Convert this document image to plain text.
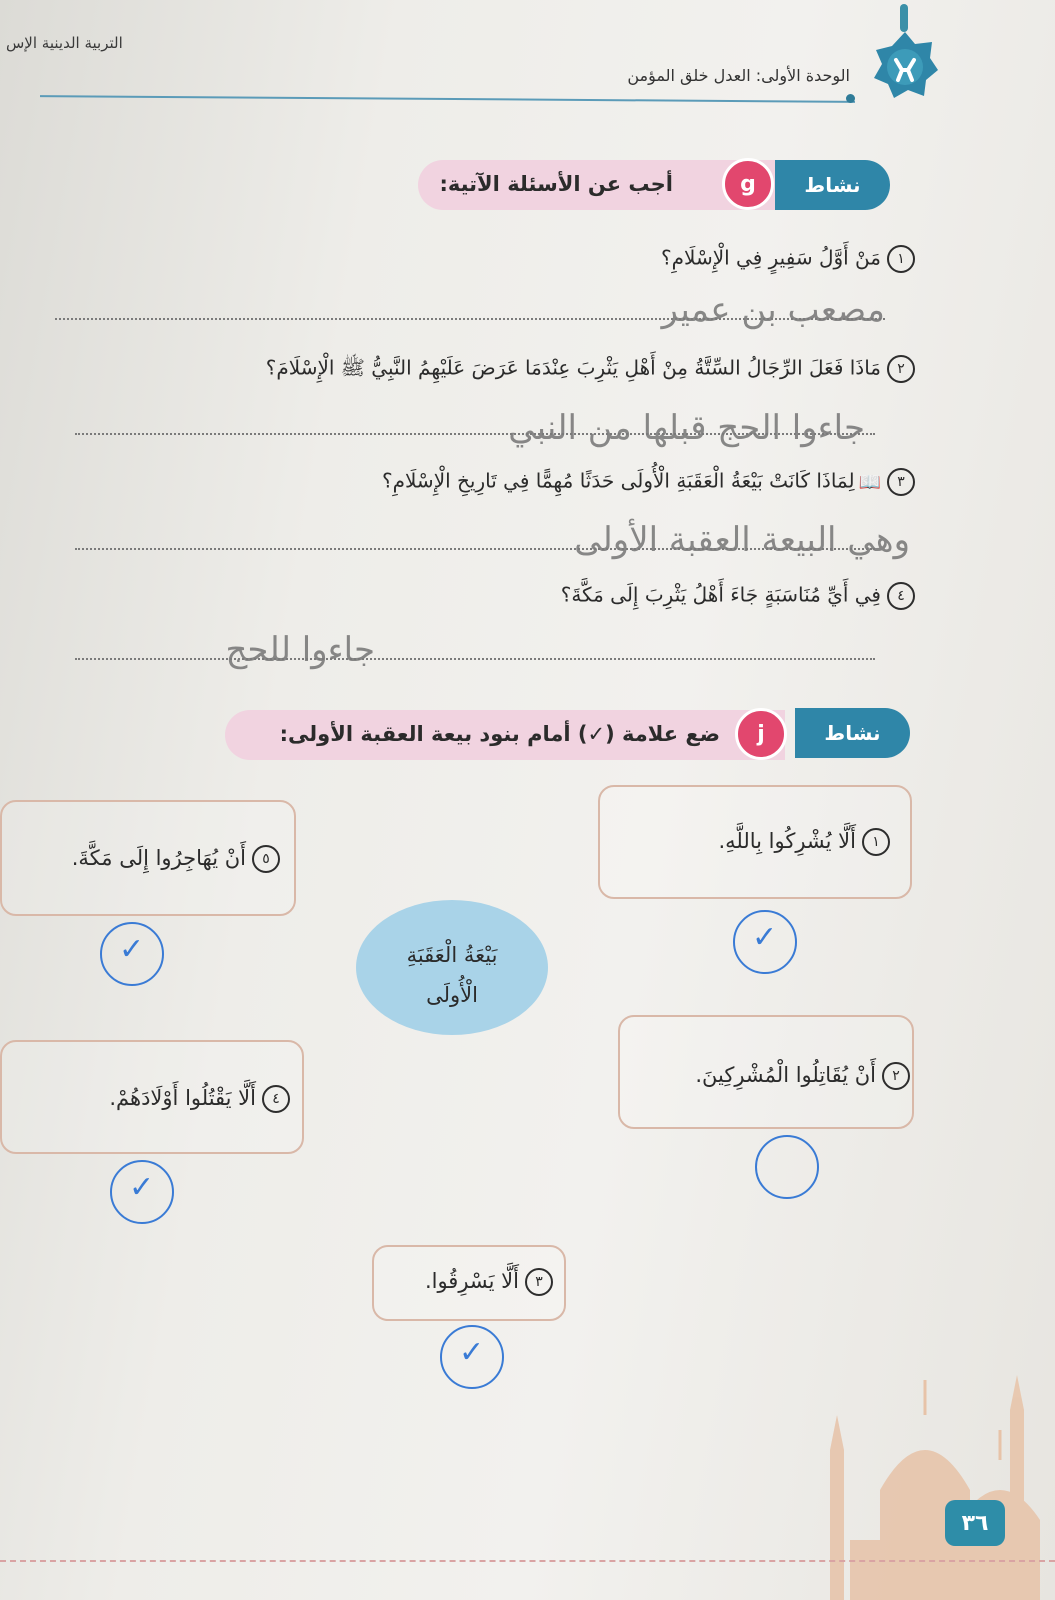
التربية الدينية الإس
الوحدة الأولى: العدل خلق المؤمن
أجب عن الأسئلة الآتية:	نشاط
g
١مَنْ أَوَّلُ سَفِيرٍ فِي الْإِسْلَامِ؟
مصعب بن عمير
٢مَاذَا فَعَلَ الرِّجَالُ السِّتَّةُ مِنْ أَهْلِ يَثْرِبَ عِنْدَمَا عَرَضَ عَلَيْهِمُ النَّبِيُّ ﷺ الْإِسْلَامَ؟
جاءوا الحج قبلها من النبي
٣📖لِمَاذَا كَانَتْ بَيْعَةُ الْعَقَبَةِ الْأُولَى حَدَثًا مُهِمًّا فِي تَارِيخِ الْإِسْلَامِ؟
وهي البيعة العقبة الأولى
٤فِي أَيِّ مُنَاسَبَةٍ جَاءَ أَهْلُ يَثْرِبَ إِلَى مَكَّةَ؟
جاءوا للحج
ضع علامة (✓) أمام بنود بيعة العقبة الأولى:	نشاط
j
بَيْعَةُ الْعَقَبَةِ
الْأُولَى
١أَلَّا يُشْرِكُوا بِاللَّهِ.
✓
٥أَنْ يُهَاجِرُوا إِلَى مَكَّةَ.
✓
٢أَنْ يُقَاتِلُوا الْمُشْرِكِينَ.
٤أَلَّا يَقْتُلُوا أَوْلَادَهُمْ.
✓
٣أَلَّا يَسْرِقُوا.
✓
٣٦
